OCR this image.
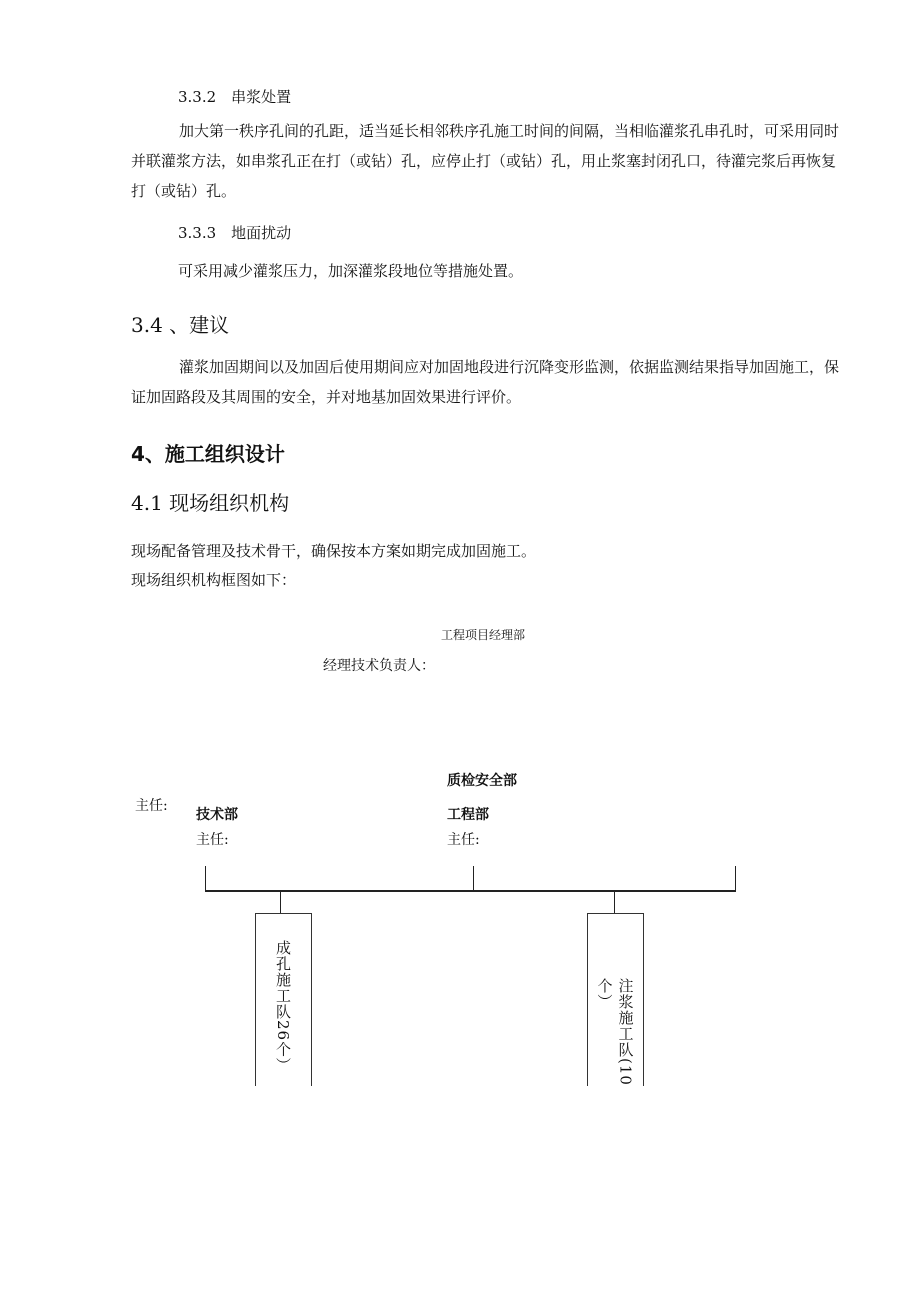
3.3.2　串浆处置
加大第一秩序孔间的孔距，适当延长相邻秩序孔施工时间的间隔，当相临灌浆孔串孔时，可采用同时并联灌浆方法，如串浆孔正在打（或钻）孔，应停止打（或钻）孔，用止浆塞封闭孔口，待灌完浆后再恢复打（或钻）孔。
3.3.3　地面扰动
可采用减少灌浆压力，加深灌浆段地位等措施处置。
3.4 、建议
灌浆加固期间以及加固后使用期间应对加固地段进行沉降变形监测，依据监测结果指导加固施工，保证加固路段及其周围的安全，并对地基加固效果进行评价。
4、施工组织设计
4.1 现场组织机构
现场配备管理及技术骨干，确保按本方案如期完成加固施工。
现场组织机构框图如下：
工程项目经理部
经理技术负责人：
质检安全部
主任:
技术部
主任:
工程部
主任:
成孔施工队26个）	注浆施工队(10个）
